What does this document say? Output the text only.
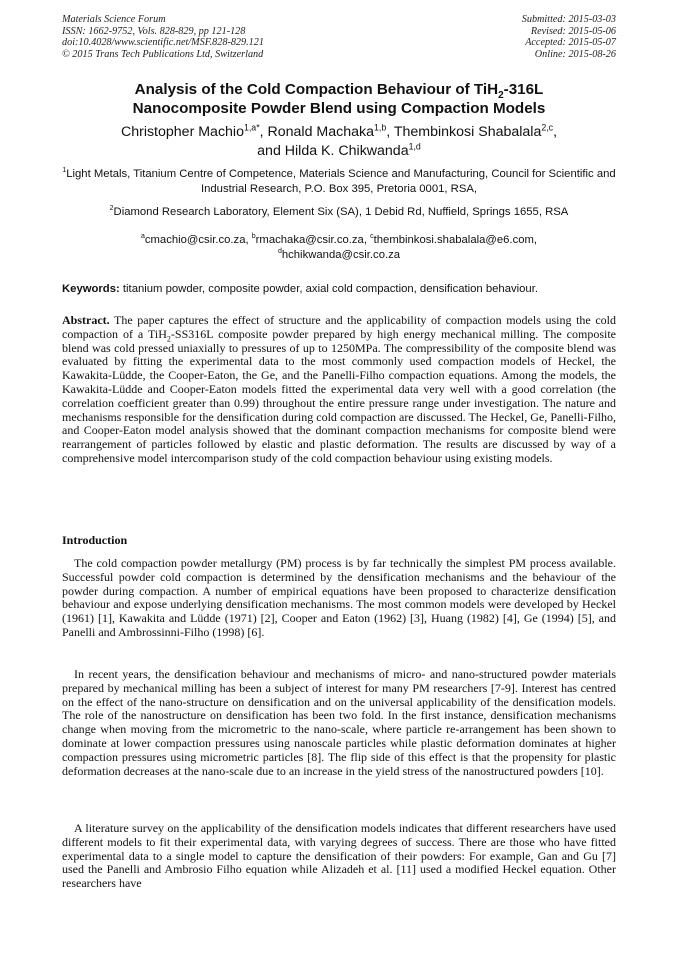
Materials Science Forum
ISSN: 1662-9752, Vols. 828-829, pp 121-128
doi:10.4028/www.scientific.net/MSF.828-829.121
© 2015 Trans Tech Publications Ltd, Switzerland
Submitted: 2015-03-03
Revised: 2015-05-06
Accepted: 2015-05-07
Online: 2015-08-26
Analysis of the Cold Compaction Behaviour of TiH$_2$-316L
Nanocomposite Powder Blend using Compaction Models
Christopher Machio$^{1,a*}$, Ronald Machaka$^{1,b}$, Thembinkosi Shabalala$^{2,c}$,
and Hilda K. Chikwanda$^{1,d}$
$^1$Light Metals, Titanium Centre of Competence, Materials Science and Manufacturing, Council for Scientific and Industrial Research, P.O. Box 395, Pretoria 0001, RSA,
$^2$Diamond Research Laboratory, Element Six (SA), 1 Debid Rd, Nuffield, Springs 1655, RSA
$^a$cmachio@csir.co.za, $^b$rmachaka@csir.co.za, $^c$thembinkosi.shabalala@e6.com,
$^d$hchikwanda@csir.co.za
Keywords: titanium powder, composite powder, axial cold compaction, densification behaviour.
Abstract. The paper captures the effect of structure and the applicability of compaction models using the cold compaction of a TiH$_2$-SS316L composite powder prepared by high energy mechanical milling. The composite blend was cold pressed uniaxially to pressures of up to 1250MPa. The compressibility of the composite blend was evaluated by fitting the experimental data to the most commonly used compaction models of Heckel, the Kawakita-Lüdde, the Cooper-Eaton, the Ge, and the Panelli-Filho compaction equations. Among the models, the Kawakita-Lüdde and Cooper-Eaton models fitted the experimental data very well with a good correlation (the correlation coefficient greater than 0.99) throughout the entire pressure range under investigation. The nature and mechanisms responsible for the densification during cold compaction are discussed. The Heckel, Ge, Panelli-Filho, and Cooper-Eaton model analysis showed that the dominant compaction mechanisms for composite blend were rearrangement of particles followed by elastic and plastic deformation. The results are discussed by way of a comprehensive model intercomparison study of the cold compaction behaviour using existing models.
Introduction
The cold compaction powder metallurgy (PM) process is by far technically the simplest PM process available. Successful powder cold compaction is determined by the densification mechanisms and the behaviour of the powder during compaction. A number of empirical equations have been proposed to characterize densification behaviour and expose underlying densification mechanisms. The most common models were developed by Heckel (1961) [1], Kawakita and Lüdde (1971) [2], Cooper and Eaton (1962) [3], Huang (1982) [4], Ge (1994) [5], and Panelli and Ambrossinni-Filho (1998) [6].
In recent years, the densification behaviour and mechanisms of micro- and nano-structured powder materials prepared by mechanical milling has been a subject of interest for many PM researchers [7-9]. Interest has centred on the effect of the nano-structure on densification and on the universal applicability of the densification models. The role of the nanostructure on densification has been two fold. In the first instance, densification mechanisms change when moving from the micrometric to the nano-scale, where particle re-arrangement has been shown to dominate at lower compaction pressures using nanoscale particles while plastic deformation dominates at higher compaction pressures using micrometric particles [8]. The flip side of this effect is that the propensity for plastic deformation decreases at the nano-scale due to an increase in the yield stress of the nanostructured powders [10].
A literature survey on the applicability of the densification models indicates that different researchers have used different models to fit their experimental data, with varying degrees of success. There are those who have fitted experimental data to a single model to capture the densification of their powders: For example, Gan and Gu [7] used the Panelli and Ambrosio Filho equation while Alizadeh et al. [11] used a modified Heckel equation. Other researchers have
